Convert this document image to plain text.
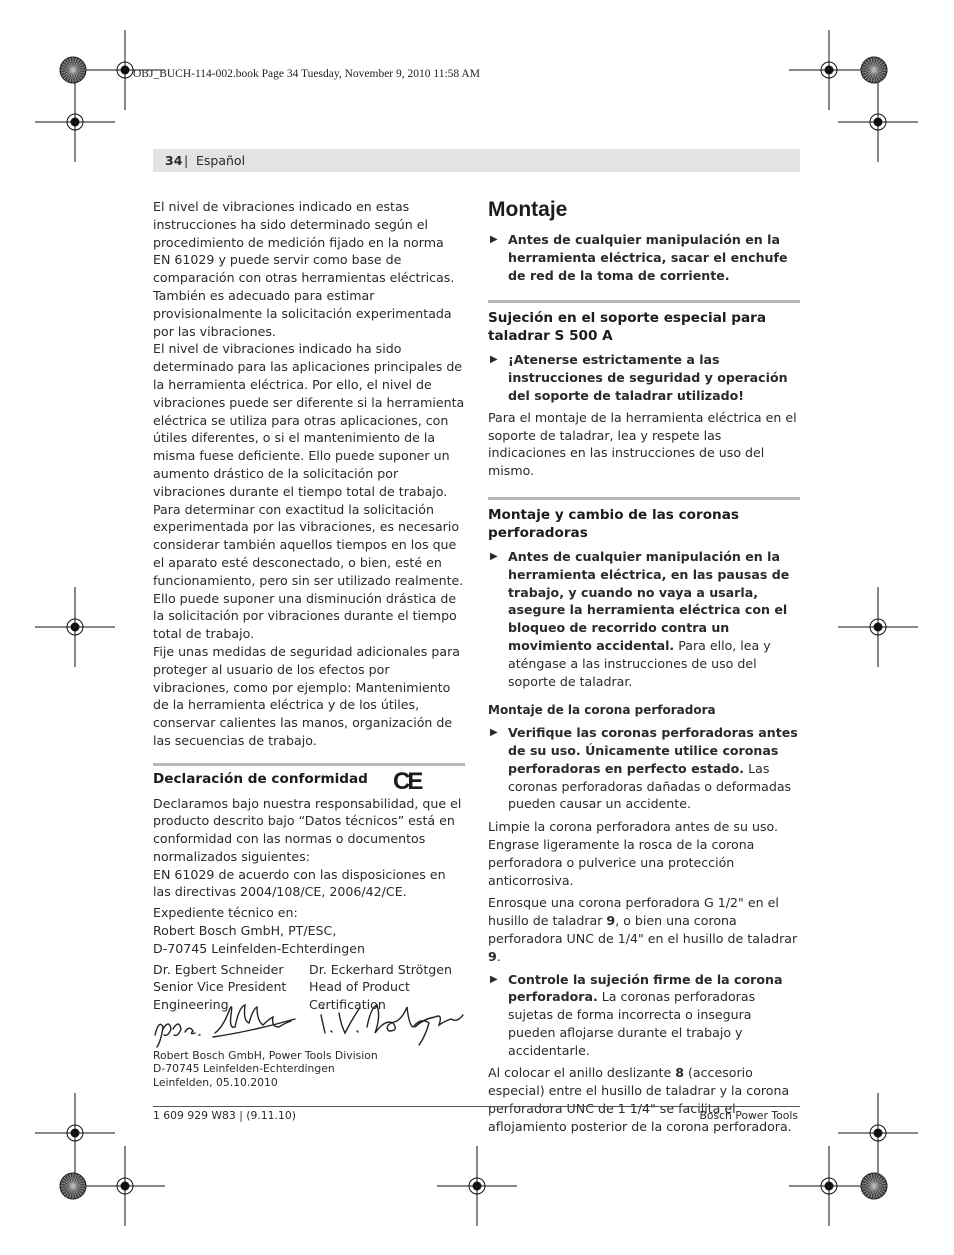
OBJ_BUCH-114-002.book Page 34 Tuesday, November 9, 2010 11:58 AM
34 | Español

El nivel de vibraciones indicado en estas instrucciones ha sido determinado según el procedimiento de medición fijado en la norma EN 61029 y puede servir como base de comparación con otras herramientas eléctricas. También es adecuado para estimar provisionalmente la solicitación experimentada por las vibraciones.

El nivel de vibraciones indicado ha sido determinado para las aplicaciones principales de la herramienta eléctrica. Por ello, el nivel de vibraciones puede ser diferente si la herramienta eléctrica se utiliza para otras aplicaciones, con útiles diferentes, o si el mantenimiento de la misma fuese deficiente. Ello puede suponer un aumento drástico de la solicitación por vibraciones durante el tiempo total de trabajo.

Para determinar con exactitud la solicitación experimentada por las vibraciones, es necesario considerar también aquellos tiempos en los que el aparato esté desconectado, o bien, esté en funcionamiento, pero sin ser utilizado realmente. Ello puede suponer una disminución drástica de la solicitación por vibraciones durante el tiempo total de trabajo.

Fije unas medidas de seguridad adicionales para proteger al usuario de los efectos por vibraciones, como por ejemplo: Mantenimiento de la herramienta eléctrica y de los útiles, conservar calientes las manos, organización de las secuencias de trabajo.

Declaración de conformidad CE

Declaramos bajo nuestra responsabilidad, que el producto descrito bajo “Datos técnicos” está en conformidad con las normas o documentos normalizados siguientes:

EN 61029 de acuerdo con las disposiciones en las directivas 2004/108/CE, 2006/42/CE.

Expediente técnico en:

Robert Bosch GmbH, PT/ESC,

D-70745 Leinfelden-Echterdingen

Dr. Egbert Schneider

Senior Vice President

Engineering

Dr. Eckerhard Strötgen

Head of Product

Certification

Robert Bosch GmbH, Power Tools Division
D-70745 Leinfelden-Echterdingen
Leinfelden, 05.10.2010
Montaje
▶ Antes de cualquier manipulación en la herramienta eléctrica, sacar el enchufe de red de la toma de corriente.
Sujeción en el soporte especial para taladrar S 500 A
▶ ¡Atenerse estrictamente a las instrucciones de seguridad y operación del soporte de taladrar utilizado!

Para el montaje de la herramienta eléctrica en el soporte de taladrar, lea y respete las indicaciones en las instrucciones de uso del mismo.

Montaje y cambio de las coronas perforadoras
▶ Antes de cualquier manipulación en la herramienta eléctrica, en las pausas de trabajo, y cuando no vaya a usarla, asegure la herramienta eléctrica con el bloqueo de recorrido contra un movimiento accidental. Para ello, lea y aténgase a las instrucciones de uso del soporte de taladrar.
Montaje de la corona perforadora
▶ Verifique las coronas perforadoras antes de su uso. Únicamente utilice coronas perforadoras en perfecto estado. Las coronas perforadoras dañadas o deformadas pueden causar un accidente.

Limpie la corona perforadora antes de su uso. Engrase ligeramente la rosca de la corona perforadora o pulverice una protección anticorrosiva.

Enrosque una corona perforadora G 1/2" en el husillo de taladrar 9, o bien una corona perforadora UNC de 1/4" en el husillo de taladrar 9.

▶ Controle la sujeción firme de la corona perforadora. La coronas perforadoras sujetas de forma incorrecta o insegura pueden aflojarse durante el trabajo y accidentarle.

Al colocar el anillo deslizante 8 (accesorio especial) entre el husillo de taladrar y la corona perforadora UNC de 1 1/4" se facilita el aflojamiento posterior de la corona perforadora.

1 609 929 W83 | (9.11.10)	Bosch Power Tools
